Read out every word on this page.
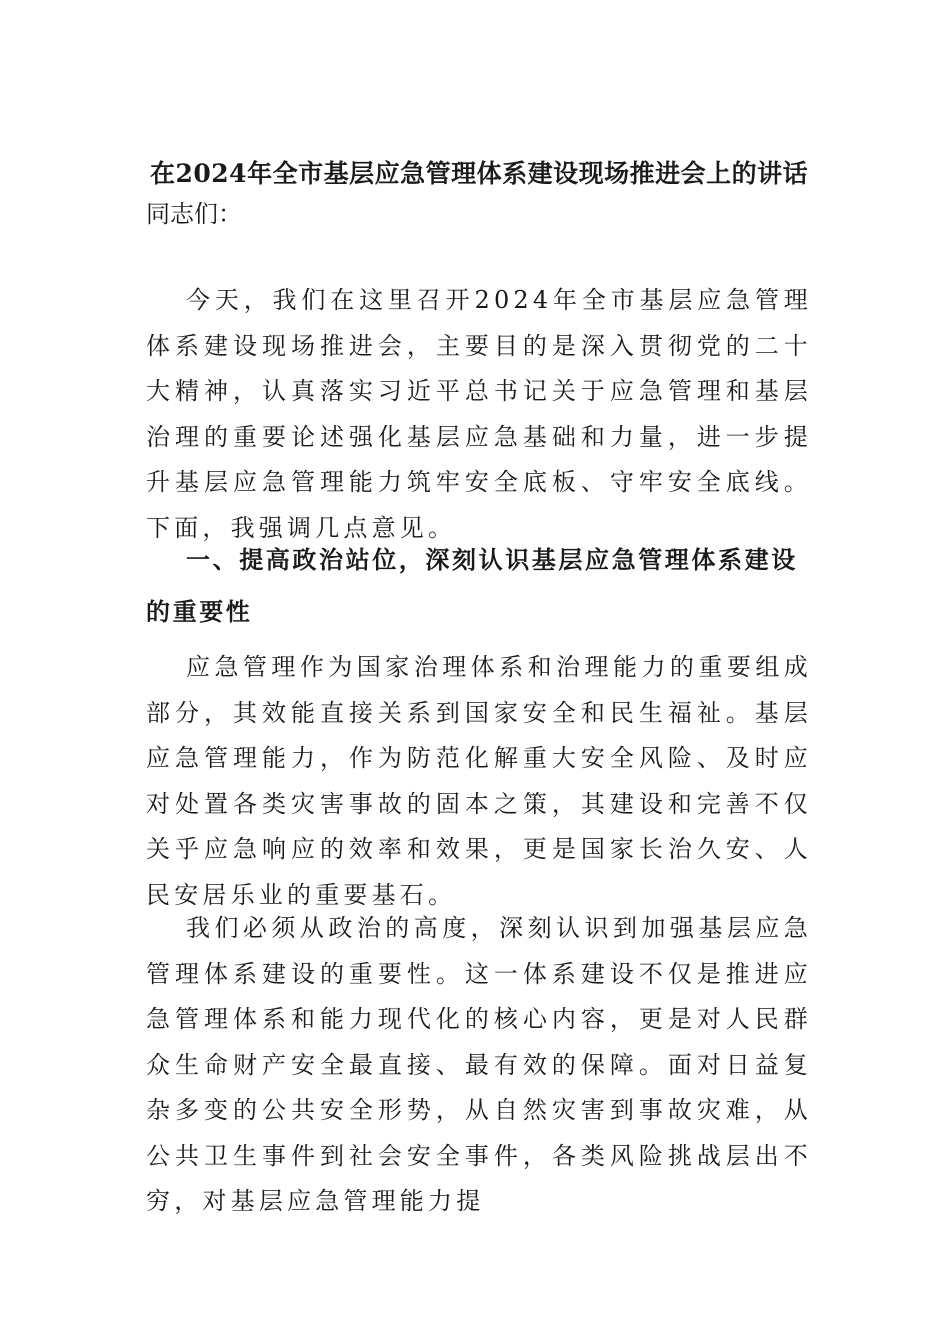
在2024年全市基层应急管理体系建设现场推进会上的讲话
同志们：
今天，我们在这里召开2024年全市基层应急管理体系建设现场推进会，主要目的是深入贯彻党的二十大精神，认真落实习近平总书记关于应急管理和基层治理的重要论述强化基层应急基础和力量，进一步提升基层应急管理能力筑牢安全底板、守牢安全底线。下面，我强调几点意见。
一、提高政治站位，深刻认识基层应急管理体系建设的重要性
应急管理作为国家治理体系和治理能力的重要组成部分，其效能直接关系到国家安全和民生福祉。基层应急管理能力，作为防范化解重大安全风险、及时应对处置各类灾害事故的固本之策，其建设和完善不仅关乎应急响应的效率和效果，更是国家长治久安、人民安居乐业的重要基石。
我们必须从政治的高度，深刻认识到加强基层应急管理体系建设的重要性。这一体系建设不仅是推进应急管理体系和能力现代化的核心内容，更是对人民群众生命财产安全最直接、最有效的保障。面对日益复杂多变的公共安全形势，从自然灾害到事故灾难，从公共卫生事件到社会安全事件，各类风险挑战层出不穷，对基层应急管理能力提
